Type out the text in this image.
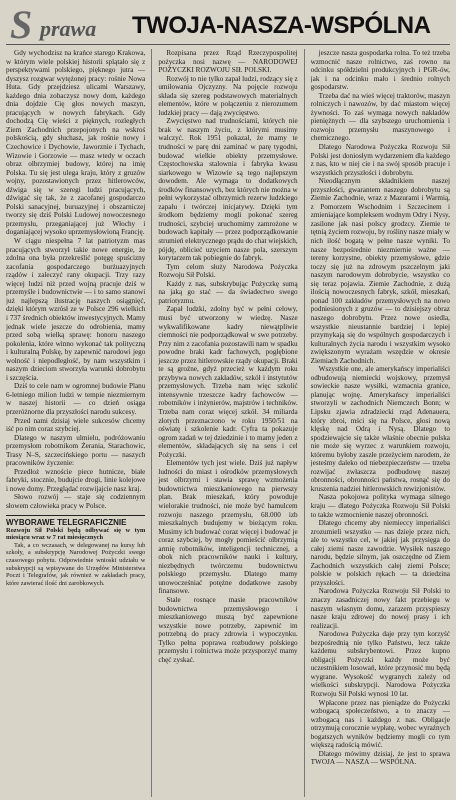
S prawa TWOJA-NASZA-WSPÓLNA

Gdy wychodzisz na krańce starego Krakowa, w którym wiele polskiej historii splątało się z perspektywami polskiego, pięknego jutra — dyszysz rozgwar wytężonej pracy: rośnie Nowa Huta. Gdy przejdziesz ulicami Warszawy, każdego dnia zobaczysz nowy dom, każdego dnia dojdzie Cię głos nowych maszyn, pracujących w nowych fabrykach. Gdy dochodzą Cię wieści z pięknych, rozległych Ziem Zachodnich przepojonych na wskroś polskością, gdy słuchasz, jak rośnie nowy i Czechowice i Dychowie, Jaworznie i Tychach, Wizowie i Gorzowie — masz wtedy w oczach obraz olbrzymiej budowy, której na imię Polska. Tu się jest ulega kraju, który z gruzów wojny, pozostawionych przez hitlerowców, dźwiga się w szeregi ludzi pracujących, dźwigać się tak, że z zacofanej gospodarczo Polski sanacyjnej, buruazyjnej i obszarniczej tworzy się dziś Polski Ludowej nowoczesnego przemysłu, przeganiającej już Włochy i doganiającej wysoko uprzemysłowioną Francję.

W ciągu niespełna 7 lat patriotyzm mas pracujących stworzył takie nowe energie, że zdolna ona była przekreślić potęgę spuścizny zacofania gospodarczego burżuazyjnych rządów i zaleczyć rany okupacji. Trzy razy więcej ludzi niż przed wojną pracuje dziś w przemyśle i budownictwie — i to samo stanowi już najlepszą ilustrację naszych osiągnięć, dzięki którym wzrósł ze w Polsce 296 wielkich i 737 średnich obiektów inwestycyjnych. Mamy jednak wiele jeszcze do odrobienia, mamy przed sobą wielką sprawę: honoru naszego pokolenia, które winno wykonać tak polityczną i kulturalną Polskę, by zapewnić narodowi jego wolność i niepodległość, by nam wszystkim i naszym dzieciom stworzyła warunki dobrobytu i szczęścia.

Dziś to cele nam w ogromnej budowie Planu 6-letniego milion ludzi w tempie niezmiernym w naszej historii — co dzień osiąga przeróżnorne dla przyszłości narodu sukcesy.

Przed nami dzisiaj wiele sukcesów chcemy iść po nim coraz szybciej.

Dlatego w naszym ulmielu, podróżowaniu przemysłom robotnikom Żerania, Starachowic, Trasy N–S, szczecińskiego portu — naszych pracowników życzenie:

Przedłoż wznoście piece hutnicze, białe fabryki, stocznie, budujcie drogi, linie kolejowe i nowe domy. Przeglądać rozwijajcie nasz kraj.

Słowo rozwój — staje się codziennym słowem człowieka pracy w Polsce.

WYBORAWE TELEGRAFICZNIE

Rozwoju Sił Polski będą odbywać się w tym miesiącu wraz w 7 rat miesięcznych

Tak, a co wczasach, w delegowanej na kursy lub szkoły, a subskrypcję Narodowej Pożyczki swego czasowego pobytu. Odpowiednie wnioski udziału w subskrypcji są wpisywane do Urzędów Ministerstwa Poczt i Telegrafów, jak również w zakładach pracy, które zawierać ilość dni zarobkowych.

Rozpisana przez Rząd Rzeczypospolitej pożyczka nosi nazwę — NARODOWEJ POŻYCZKI ROZWOJU SIŁ POLSKI.

Rozwój to nie tylko zapał ludzi, rodzący się z umiłowania Ojczyzny. Na pojęcie rozwoju składa się szereg podstawowych materialnych elementów, które w połączeniu z nierozumem ludzkiej pracy — dają zwycięstwo.

Zwycięstwo nad trudnościami, których nie brak w naszym życiu, z którymi musimy walczyć. Rok 1951 pokazał, że mamy te trudności w parę dni zaminać w parę tygodni, budować wielkie obiekty przemysłowe. Częstochowska stalownia i fabryka kwasu siarkowego w Wizowie są tego najlepszym dowodem. Ale wymaga to dodatkowych środków finansowych, bez których nie można w pełni wykorzystać olbrzymich rezerw ludzkiego zapału i twórczej inicjatywy. Dzięki tym środkom będziemy mogli pokonać szereg trudności, szybciej uruchomimy zamrożone w budowach kapitały — przez podporządkowanie strumień elektrycznego prądu do chat wiejskich, pójdę, oblicieć uzyciem nasze pola, szerszym korytarzem tak pobiegnie do fabryk.

Tym celom służy Narodowa Pożyczka Rozwoju Sił Polski.

Każdy z nas, subskrybując Pożyczkę sumą na jaką go stać — da świadectwo swego patriotyzmu.

Zapał ludzki, zdolny być w pełni celowy, musi być utworzony w wiedzę. Nasze wykwalifikowane kadry niewątpliwie ciemności nie podporządkował w swe potrzeby. Przy nim z zacofania pozostawili nam w spadku powodne braki kadr fachowych, pogłębione jeszcze przez hitlerowskie rządy okupacji. Braki te są groźne, gdyż przecież w każdym roku przybywa nowych zakładów, szkół i instytutów przemysłowych. Trzeba nam więc szkolić intensywnie trzeszcze kadry fachowców — robotników i inżynierów, majstrów i techników. Trzeba nam coraz więcej szkół. 34 miliarda złotych przeznaczono w roku 1950/51 na oświatę i szkolenie kadr. Cyfra ta pokazuje ogrom zadań w tej dziedzinie i to mamy jeden z elementów, składających się na sens i cel Pożyczki.

Elementów tych jest wiele. Dziś już napływ ludności do miast i ośrodków przemysłowych jest olbrzymi i stawia sprawę wzmożenia budownictwa mieszkaniowego na pierwszy plan. Brak mieszkań, który powoduje wielorakie trudności, nie może być hamulcem rozwoju naszego przemysłu, 68.000 izb mieszkalnych budujemy w bieżącym roku. Musimy ich budować coraz więcej i budować je coraz szybciej, by mogły pomieścić olbrzymią armię robotników, inteligencji technicznej, a obok nich pracowników nauki i kultury, niezbędnych twórczemu budownictwu polskiego przemysłu. Dlatego mamy unowocześniać potężne dodatkowe zasoby finansowe.

Stale rosnące masie pracowników budownictwa przemysłowego i mieszkaniowego muszą być zapewnione wszystkie nowe potrzeby, zapewnić im potrzebną do pracy zdrowia i wypoczynku. Tylko pełna poprawa rozbudowy polskiego przemysłu i rolnictwa może przysporzyć mamy chęć zyskać.

jeszcze nasza gospodarka rolna. To też trzeba wzmocnić nasze rolnictwo, zaś rowno na odcinku spółdzielni produkcyjnych i PGR-ów, jak i na odcinku mało i średnio rolnych gospodarstw.

Trzeba dać na wieś więcej traktorów, maszyn rolniczych i nawozów, by dać miastom więcej żywności. To zaś wymaga nowych nakładów pieniężnych — dla szybszego uruchomienia i rozwoju przemysłu maszynowego i chemicznego.

Dlatego Narodowa Pożyczka Rozwoju Sił Polski jest doniosłym wydarzeniem dla każdego z nas, kto w niej cie i na swój sposób pracuje i wszystkich przyszłości i dobrobytu.

Nieodłącznym składnikiem naszej przyszłości, gwarantem naszego dobrobytu są Ziemie Zachodnie, wraz z Mazurami i Warmią, z Pomorzem Wschodnim i Szczecinem i zmieniające kompleksem wodnym Odry i Nysy, zasilone jak nasi polscy grodzcy. Ziemie te tętnią życiem rozwoju, by rośliny nasze miały w nich ilość bogatą w pełne nasze wyniki. To nasze bezpośrednie niezmiernie ważne — tereny korzystne, obiekty przemysłowe, gdzie toczy się już na zdrowym pszczelnym jaki naszym narodowym dobrobycie, wszystko co się teraz pojawia. Ziemie Zachodnie, z dużą ilością nowoczesnych fabryk, szkół, mieszkań, ponad 100 zakładów przemysłowych na nowo podniesionych z gruzów — to dzisiejszy obraz naszego dobrobytu. Przez nowe osiedla, wszystkie nieustannie bardziej i lepiej przymykają się do wspólnych gospodarczych i kulturalnych życia narodu i wszystkim wysoko zwiększonym wyrażam wszędzie w okresie Ziemiach Zachodnich.

Wszystkie one, ale amerykańscy imperialiści odbudowują niemiecki wojskowy, przemysł sowieckie nasze wysiłki, wzmacnia granice, planując wojnę. Amerykańscy imperialiści stworzyli w zachodnich Niemczech Bonn; w Lipsku zjawia zdradziecki rząd Adenauera, który zbroi, mści się na Polsce, głosi nową klęskę nad Odrą i Nysą. Dlatego to spodziewajcie się także właśnie obecnie polska nie może się wyrzec z warunkiem rozwoju, któremu byłoby zaszłe przeżyciem narodem, że jesteśmy daleko od niebezpieczeństw — trzeba rozwijać zwłaszcza podbudowę naszej obronności, obronności państwa, rosnąć się do kruszenia nadziei hitlerowskich rewizjonistów.

Nasza pokojowa polityka wymaga silnego kraju — dlatego Pożyczka Rozwoju Sił Polski to także wzmocnienie naszej obronności.

Dlatego chcemy aby niemieccy imperialiści zrozumieli wszystko — nas dzieje przez nich, ale to wszystko cel, w jakiej jak przysięga do całej ziemi nasze zawodzie. Wysiłek naszego narodu, będzie silnym, jak oszczędne od Ziem Zachodnich wszystkich całej ziemi Polsce; polskie w polskich rękach — ta dziedzina przyszłości.

Narodowa Pożyczka Rozwoju Sił Polski to znaczy zasadniczej nowy fakt przebiegu w naszym własnym domu, zarazem przyspieszy nasze kraju zdrowej do nowej prasy i ich realizacji.

Narodowa Pożyczka daje przy tym korzyść bezpośrednią nie tylko Państwu, lecz także każdemu subskrybentowi. Przez kupno obligacji Pożyczki każdy może być uczestnikiem losowań, które przynosić mu będą wygrane. Wysokość wygranych zależy od wielkości subskrypcji. Narodowa Pożyczka Rozwoju Sił Polski wynosi 10 lat.

Wpłacone przez nas pieniądze do Pożyczki wzbogacą społeczeństwo, a to znaczy — wzbogacą nas i każdego z nas. Obligacje otrzymują corocznie wypłatę, wobec wyraźnych bogatszych wyników będziemy mogli co tym większą radością mówić.

Dlatego mówimy dzisiaj, że jest to sprawa TWOJA — NASZA — WSPÓLNA.
